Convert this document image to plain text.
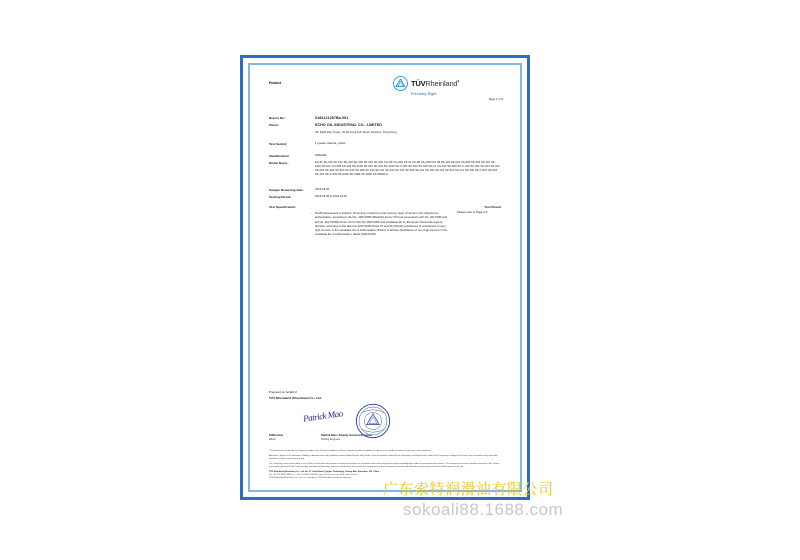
Product	TÜVRheinland®
Precisely Right.
Page 1 of 9
Report No.:	0184121257Ba-001
Client:	ECHO OIL INDUSTRIAL CO., LIMITED
5/F Right Way Tower, No.39 Kong Koh Road, Kowloon, Hong Kong
Test Item(s):	1 grease material, yellow
Identification/	GREASE
Model No(s).:	EH-11 SK-015 SK-201 SK-202 SK-203 SK-001 SK-220 CH-NP CH-300 KS-01 KS-08 KS-2000 KS-08 SK-103 SK-001 KS-005 SK-003 SK-101 SK-2110 SK-011 CH-205 KS-102 SK-2100 SK-012 SK-001 SK-1010 SK-C-301 SK-100 SK-108 SK-12 CH-103 SK-009 SK-C-210 SK-001 SK-012 SK-001 SK-009 SK-002 SK-003 SK-010 SK-009 SK-012 SK-011 SK-100 SK-011 SK-009 SK-011 SK-100 SK-011 SK-010 SK-011 SK-100 SK-C-015 SK-016 SK-100 SK-C-200 SK-0002 SK-0009 SK-0200 SK-50000-G
Sample Receiving date:	2018-03-28
Testing Period:	2018-03-28 to 2018-04-02
Test Specification:	Test Result
– RoHS Assessment of Articles: Screening of cadmium and mercury, lead, chromium (VI) subjected to authorisation, according to EU No. 1907/2006 (REACH) Annex XVII (as amended by EU No. 2017/999 and EU No. 2017/1000) Annex XVII of EC No.1907/2006 and candidate list by European Chemicals Agency (ECHA), according to the (EC) No.1907/2006 Article 57 and 59 (59(10)) substances of substances of very high concern in the candidate list of Authorisation (SVHC) in articles (Substance of very high concern in the candidate list of Authorisation, dated 15/01/2018).
Please refer to Page 2-9
Prepared on behalf of
TÜV Rheinland (Shenzhen) Co., Ltd.
Patrick Mao
Stilfred Hu	Patrick Mao / Deputy General Engineer
Editor	Testing Engineer
This document is issued by the Company subject to its General Conditions of Service printed overleaf, available on request or accessible at www.tuv.com/terms_and_conditions.
Attention is drawn to the limitation of liability, indemnification and jurisdiction issues defined therein. Any holder of this document is advised that information contained hereon reflects the Company's findings at the time of its intervention only and within the limits of Client's instructions, if any.
The Company's sole responsibility is to its Client and this document does not exonerate parties to a transaction from exercising all their rights and obligations under the transaction documents. This document cannot be reproduced except in full, without prior written approval of the Company. Any unauthorized alteration, forgery or falsification of the content or appearance of this document is unlawful and offenders may be prosecuted to the fullest extent of the law.
TÜV Rheinland (Shenzhen) Co., Ltd. No. 37, Guoli Road, Qinghu Technology, Tailong Bao, Shenzhen, P.R. China
Tel: +86 755 8828 0888 Fax: +86 755 8828 0218 Mail: service@chn.tuv.com Web: www.tuv.com
TÜV Rheinland (Shenzhen) Co., Ltd. is a member of TÜV Rheinland Group of companies.
广东索特润滑油有限公司
sokoali88.1688.com
